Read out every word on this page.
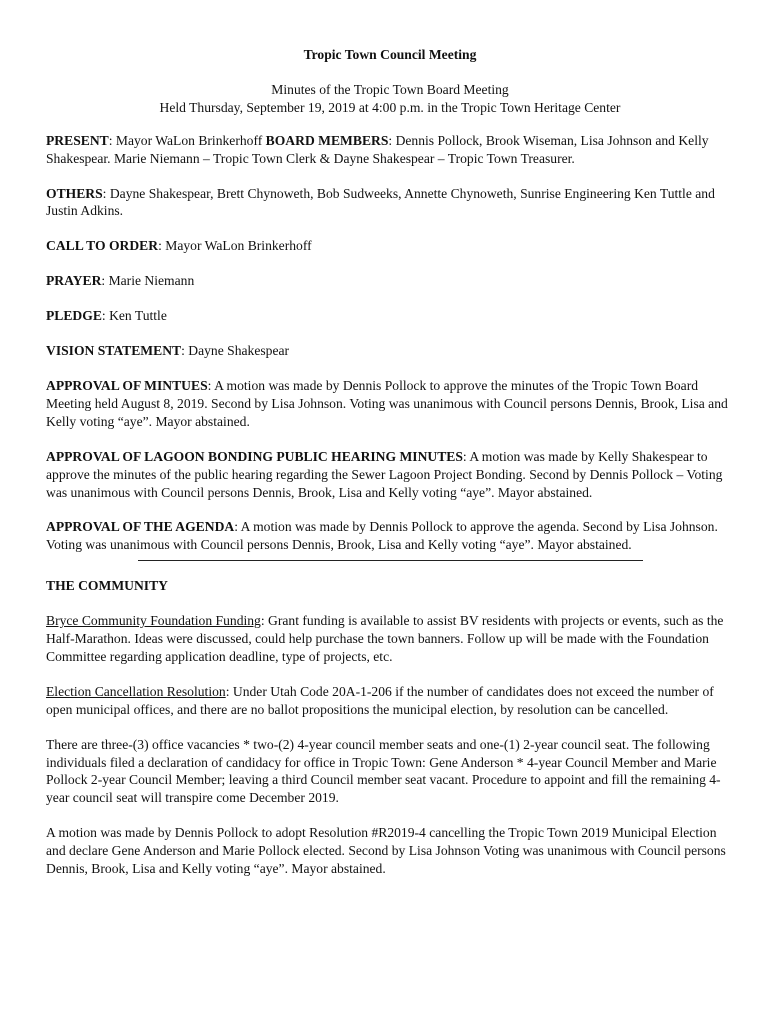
Tropic Town Council Meeting

Minutes of the Tropic Town Board Meeting

Held Thursday, September 19, 2019 at 4:00 p.m. in the Tropic Town Heritage Center

PRESENT: Mayor WaLon Brinkerhoff BOARD MEMBERS: Dennis Pollock, Brook Wiseman, Lisa Johnson and Kelly Shakespear. Marie Niemann – Tropic Town Clerk & Dayne Shakespear – Tropic Town Treasurer.

OTHERS: Dayne Shakespear, Brett Chynoweth, Bob Sudweeks, Annette Chynoweth, Sunrise Engineering Ken Tuttle and Justin Adkins.

CALL TO ORDER: Mayor WaLon Brinkerhoff

PRAYER: Marie Niemann

PLEDGE: Ken Tuttle

VISION STATEMENT: Dayne Shakespear

APPROVAL OF MINTUES: A motion was made by Dennis Pollock to approve the minutes of the Tropic Town Board Meeting held August 8, 2019. Second by Lisa Johnson. Voting was unanimous with Council persons Dennis, Brook, Lisa and Kelly voting “aye”. Mayor abstained.

APPROVAL OF LAGOON BONDING PUBLIC HEARING MINUTES: A motion was made by Kelly Shakespear to approve the minutes of the public hearing regarding the Sewer Lagoon Project Bonding. Second by Dennis Pollock – Voting was unanimous with Council persons Dennis, Brook, Lisa and Kelly voting “aye”. Mayor abstained.

APPROVAL OF THE AGENDA: A motion was made by Dennis Pollock to approve the agenda. Second by Lisa Johnson. Voting was unanimous with Council persons Dennis, Brook, Lisa and Kelly voting “aye”. Mayor abstained.

THE COMMUNITY

Bryce Community Foundation Funding: Grant funding is available to assist BV residents with projects or events, such as the Half-Marathon. Ideas were discussed, could help purchase the town banners. Follow up will be made with the Foundation Committee regarding application deadline, type of projects, etc.

Election Cancellation Resolution: Under Utah Code 20A-1-206 if the number of candidates does not exceed the number of open municipal offices, and there are no ballot propositions the municipal election, by resolution can be cancelled.

There are three-(3) office vacancies * two-(2) 4-year council member seats and one-(1) 2-year council seat. The following individuals filed a declaration of candidacy for office in Tropic Town: Gene Anderson * 4-year Council Member and Marie Pollock 2-year Council Member; leaving a third Council member seat vacant. Procedure to appoint and fill the remaining 4-year council seat will transpire come December 2019.

A motion was made by Dennis Pollock to adopt Resolution #R2019-4 cancelling the Tropic Town 2019 Municipal Election and declare Gene Anderson and Marie Pollock elected. Second by Lisa Johnson Voting was unanimous with Council persons Dennis, Brook, Lisa and Kelly voting “aye”. Mayor abstained.
